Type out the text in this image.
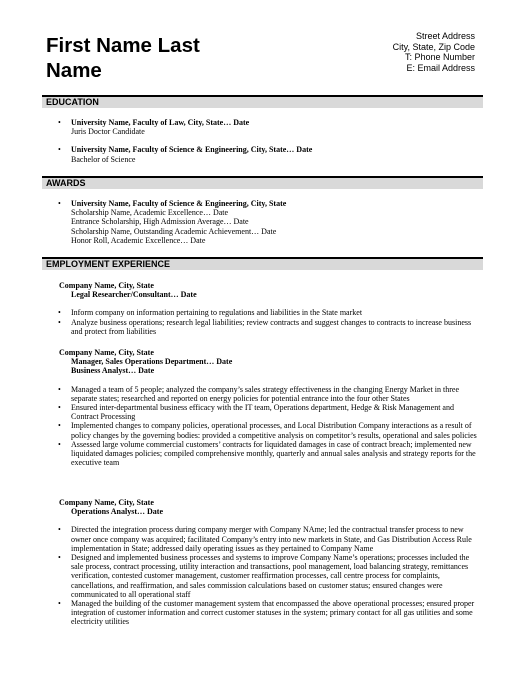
First Name Last
Name
Street Address
City, State, Zip Code
T: Phone Number
E: Email Address
EDUCATION
• University Name, Faculty of Law, City, State… Date
Juris Doctor Candidate
• University Name, Faculty of Science & Engineering, City, State… Date
Bachelor of Science
AWARDS
• University Name, Faculty of Science & Engineering, City, State
Scholarship Name, Academic Excellence… Date
Entrance Scholarship, High Admission Average… Date
Scholarship Name, Outstanding Academic Achievement… Date
Honor Roll, Academic Excellence… Date
EMPLOYMENT EXPERIENCE
Company Name, City, State
Legal Researcher/Consultant… Date
• Inform company on information pertaining to regulations and liabilities in the State market
• Analyze business operations; research legal liabilities; review contracts and suggest changes to contracts to increase business and protect from liabilities
Company Name, City, State
Manager, Sales Operations Department… Date
Business Analyst… Date
• Managed a team of 5 people; analyzed the company’s sales strategy effectiveness in the changing Energy Market in three separate states; researched and reported on energy policies for potential entrance into the four other States
• Ensured inter-departmental business efficacy with the IT team, Operations department, Hedge & Risk Management and Contract Processing
• Implemented changes to company policies, operational processes, and Local Distribution Company interactions as a result of policy changes by the governing bodies: provided a competitive analysis on competitor’s results, operational and sales policies
• Assessed large volume commercial customers’ contracts for liquidated damages in case of contract breach; implemented new liquidated damages policies; compiled comprehensive monthly, quarterly and annual sales analysis and strategy reports for the executive team
Company Name, City, State
Operations Analyst… Date
• Directed the integration process during company merger with Company NAme; led the contractual transfer process to new owner once company was acquired; facilitated Company’s entry into new markets in State, and Gas Distribution Access Rule implementation in State; addressed daily operating issues as they pertained to Company Name
• Designed and implemented business processes and systems to improve Company Name’s operations; processes included the sale process, contract processing, utility interaction and transactions, pool management, load balancing strategy, remittances verification, contested customer management, customer reaffirmation processes, call centre process for complaints, cancellations, and reaffirmation, and sales commission calculations based on customer status; ensured changes were communicated to all operational staff
• Managed the building of the customer management system that encompassed the above operational processes; ensured proper integration of customer information and correct customer statuses in the system; primary contact for all gas utilities and some electricity utilities
